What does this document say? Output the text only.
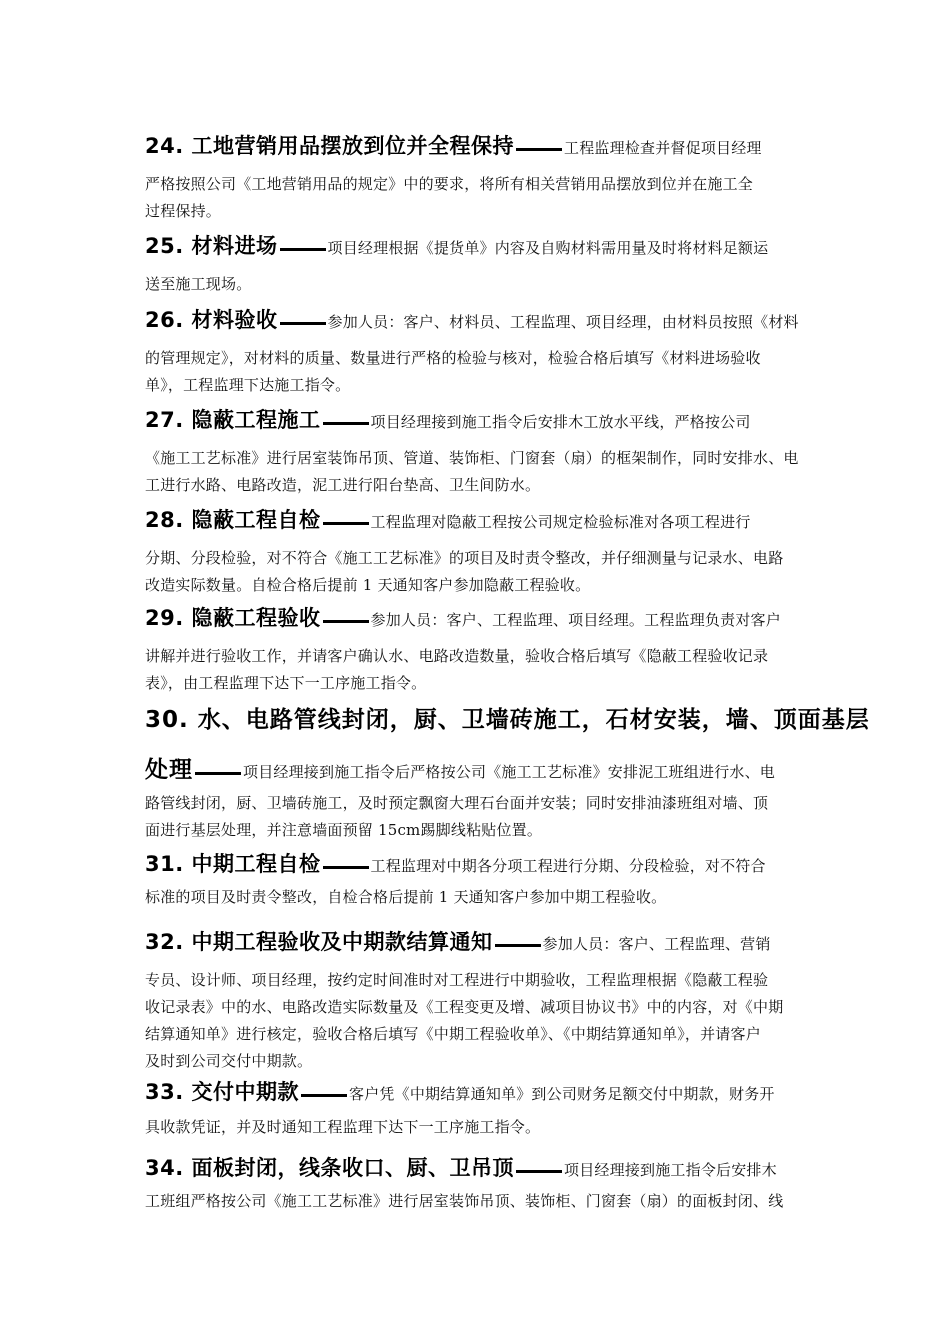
24. 工地营销用品摆放到位并全程保持	工程监理检查并督促项目经理
严格按照公司《工地营销用品的规定》中的要求，将所有相关营销用品摆放到位并在施工全
过程保持。
25. 材料进场	项目经理根据《提货单》内容及自购材料需用量及时将材料足额运
送至施工现场。
26. 材料验收	参加人员：客户、材料员、工程监理、项目经理，由材料员按照《材料
的管理规定》，对材料的质量、数量进行严格的检验与核对，检验合格后填写《材料进场验收
单》，工程监理下达施工指令。
27. 隐蔽工程施工	项目经理接到施工指令后安排木工放水平线，严格按公司
《施工工艺标准》进行居室装饰吊顶、管道、装饰柜、门窗套（扇）的框架制作，同时安排水、电
工进行水路、电路改造，泥工进行阳台垫高、卫生间防水。
28. 隐蔽工程自检	工程监理对隐蔽工程按公司规定检验标准对各项工程进行
分期、分段检验，对不符合《施工工艺标准》的项目及时责令整改，并仔细测量与记录水、电路
改造实际数量。自检合格后提前 1 天通知客户参加隐蔽工程验收。
29. 隐蔽工程验收	参加人员：客户、工程监理、项目经理。工程监理负责对客户
讲解并进行验收工作，并请客户确认水、电路改造数量，验收合格后填写《隐蔽工程验收记录
表》，由工程监理下达下一工序施工指令。
30. 水、电路管线封闭，厨、卫墙砖施工，石材安装，墙、顶面基层
处理	项目经理接到施工指令后严格按公司《施工工艺标准》安排泥工班组进行水、电
路管线封闭，厨、卫墙砖施工，及时预定飘窗大理石台面并安装；同时安排油漆班组对墙、顶
面进行基层处理，并注意墙面预留 15cm踢脚线粘贴位置。
31. 中期工程自检	工程监理对中期各分项工程进行分期、分段检验，对不符合
标准的项目及时责令整改，自检合格后提前 1 天通知客户参加中期工程验收。
32. 中期工程验收及中期款结算通知	参加人员：客户、工程监理、营销
专员、设计师、项目经理，按约定时间准时对工程进行中期验收，工程监理根据《隐蔽工程验
收记录表》中的水、电路改造实际数量及《工程变更及增、减项目协议书》中的内容，对《中期
结算通知单》进行核定，验收合格后填写《中期工程验收单》、《中期结算通知单》，并请客户
及时到公司交付中期款。
33. 交付中期款	客户凭《中期结算通知单》到公司财务足额交付中期款，财务开
具收款凭证，并及时通知工程监理下达下一工序施工指令。
34. 面板封闭，线条收口、厨、卫吊顶	项目经理接到施工指令后安排木
工班组严格按公司《施工工艺标准》进行居室装饰吊顶、装饰柜、门窗套（扇）的面板封闭、线
